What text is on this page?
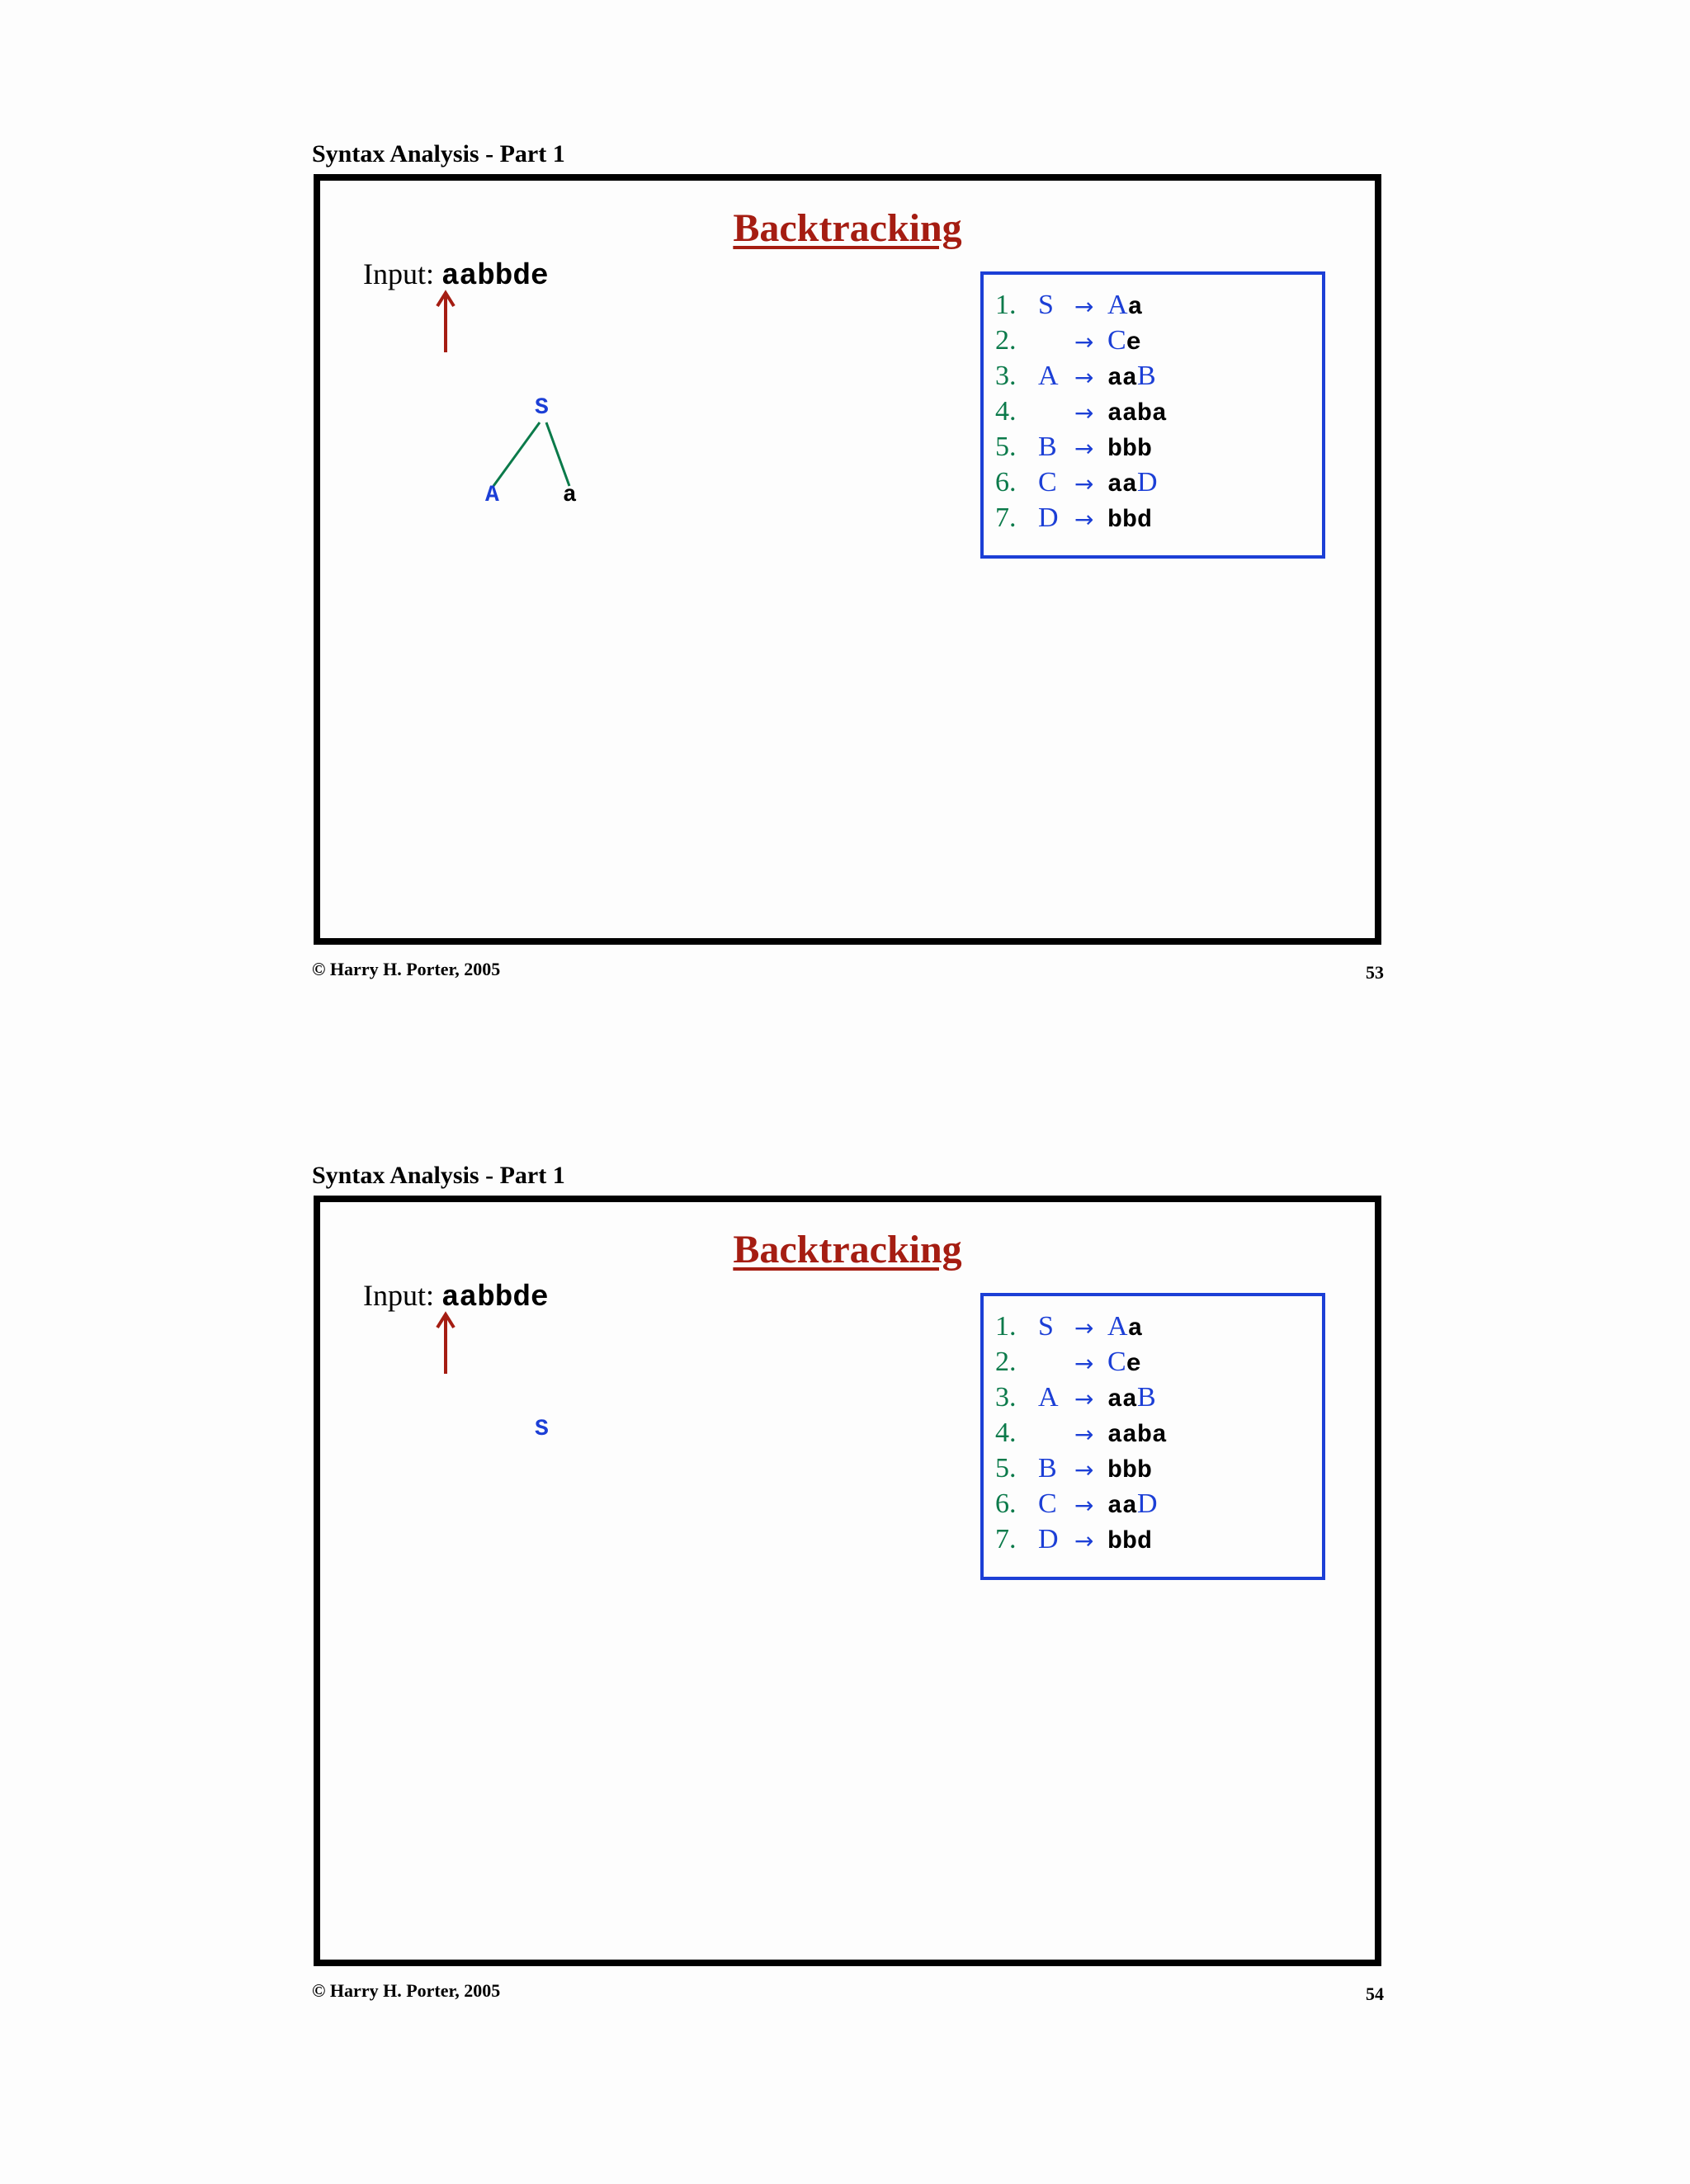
Syntax Analysis - Part 1
Backtracking
Input: aabbde
S
A	a
1. S → Aa
2.	→ Ce
3. A → aaB
4.	→ aaba
5. B → bbb
6. C → aaD
7. D → bbd
© Harry H. Porter, 2005	53
Syntax Analysis - Part 1
Backtracking
Input: aabbde
S
1. S → Aa
2.	→ Ce
3. A → aaB
4.	→ aaba
5. B → bbb
6. C → aaD
7. D → bbd
© Harry H. Porter, 2005	54
